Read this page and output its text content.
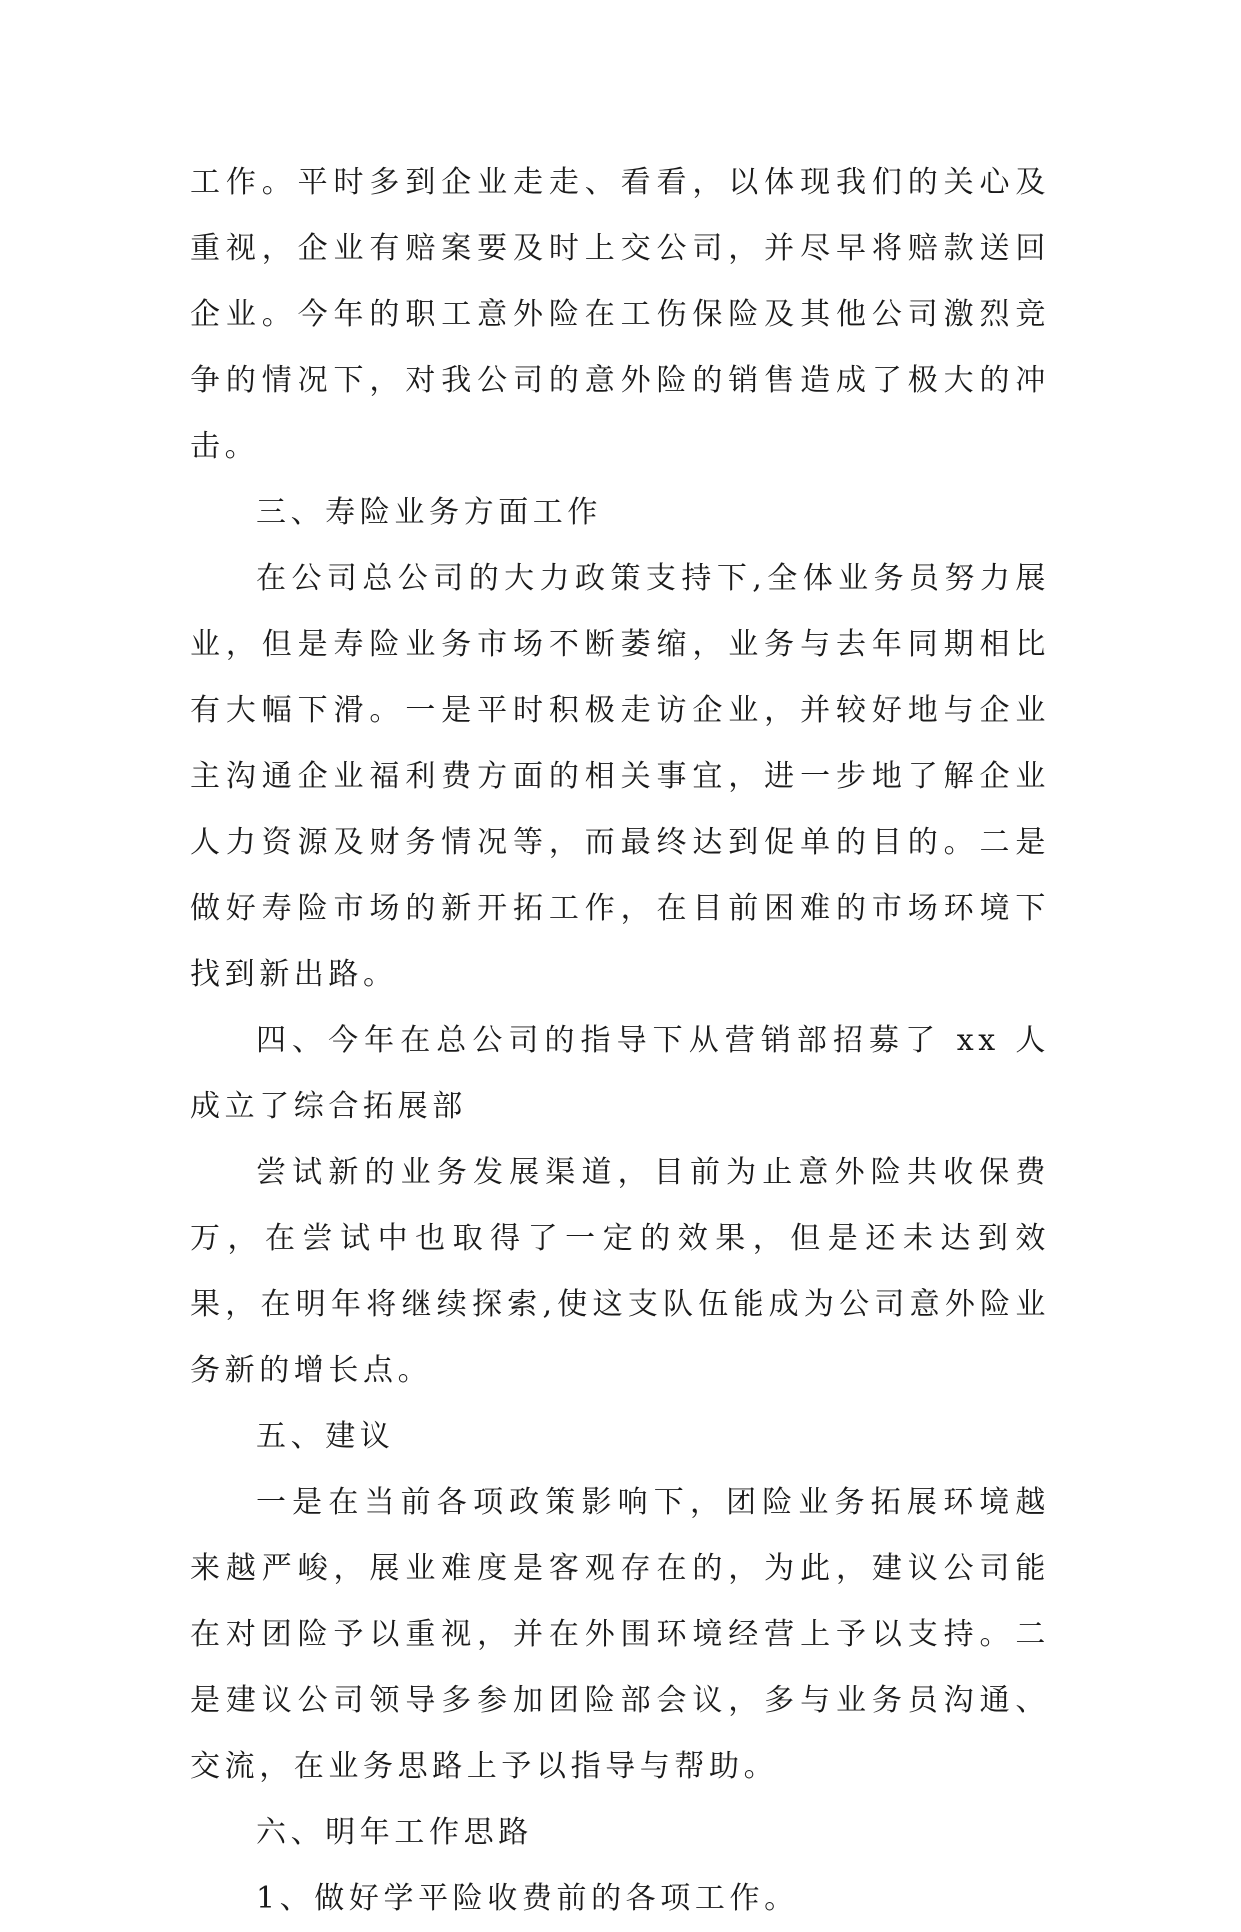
工作。平时多到企业走走、看看，以体现我们的关心及重视，企业有赔案要及时上交公司，并尽早将赔款送回企业。今年的职工意外险在工伤保险及其他公司激烈竞争的情况下，对我公司的意外险的销售造成了极大的冲击。

三、寿险业务方面工作

在公司总公司的大力政策支持下,全体业务员努力展业，但是寿险业务市场不断萎缩，业务与去年同期相比有大幅下滑。一是平时积极走访企业，并较好地与企业主沟通企业福利费方面的相关事宜，进一步地了解企业人力资源及财务情况等，而最终达到促单的目的。二是做好寿险市场的新开拓工作，在目前困难的市场环境下找到新出路。

四、今年在总公司的指导下从营销部招募了 xx 人成立了综合拓展部

尝试新的业务发展渠道，目前为止意外险共收保费万，在尝试中也取得了一定的效果，但是还未达到效果，在明年将继续探索,使这支队伍能成为公司意外险业务新的增长点。

五、建议

一是在当前各项政策影响下，团险业务拓展环境越来越严峻，展业难度是客观存在的，为此，建议公司能在对团险予以重视，并在外围环境经营上予以支持。二是建议公司领导多参加团险部会议，多与业务员沟通、交流，在业务思路上予以指导与帮助。

六、明年工作思路

1、做好学平险收费前的各项工作。
